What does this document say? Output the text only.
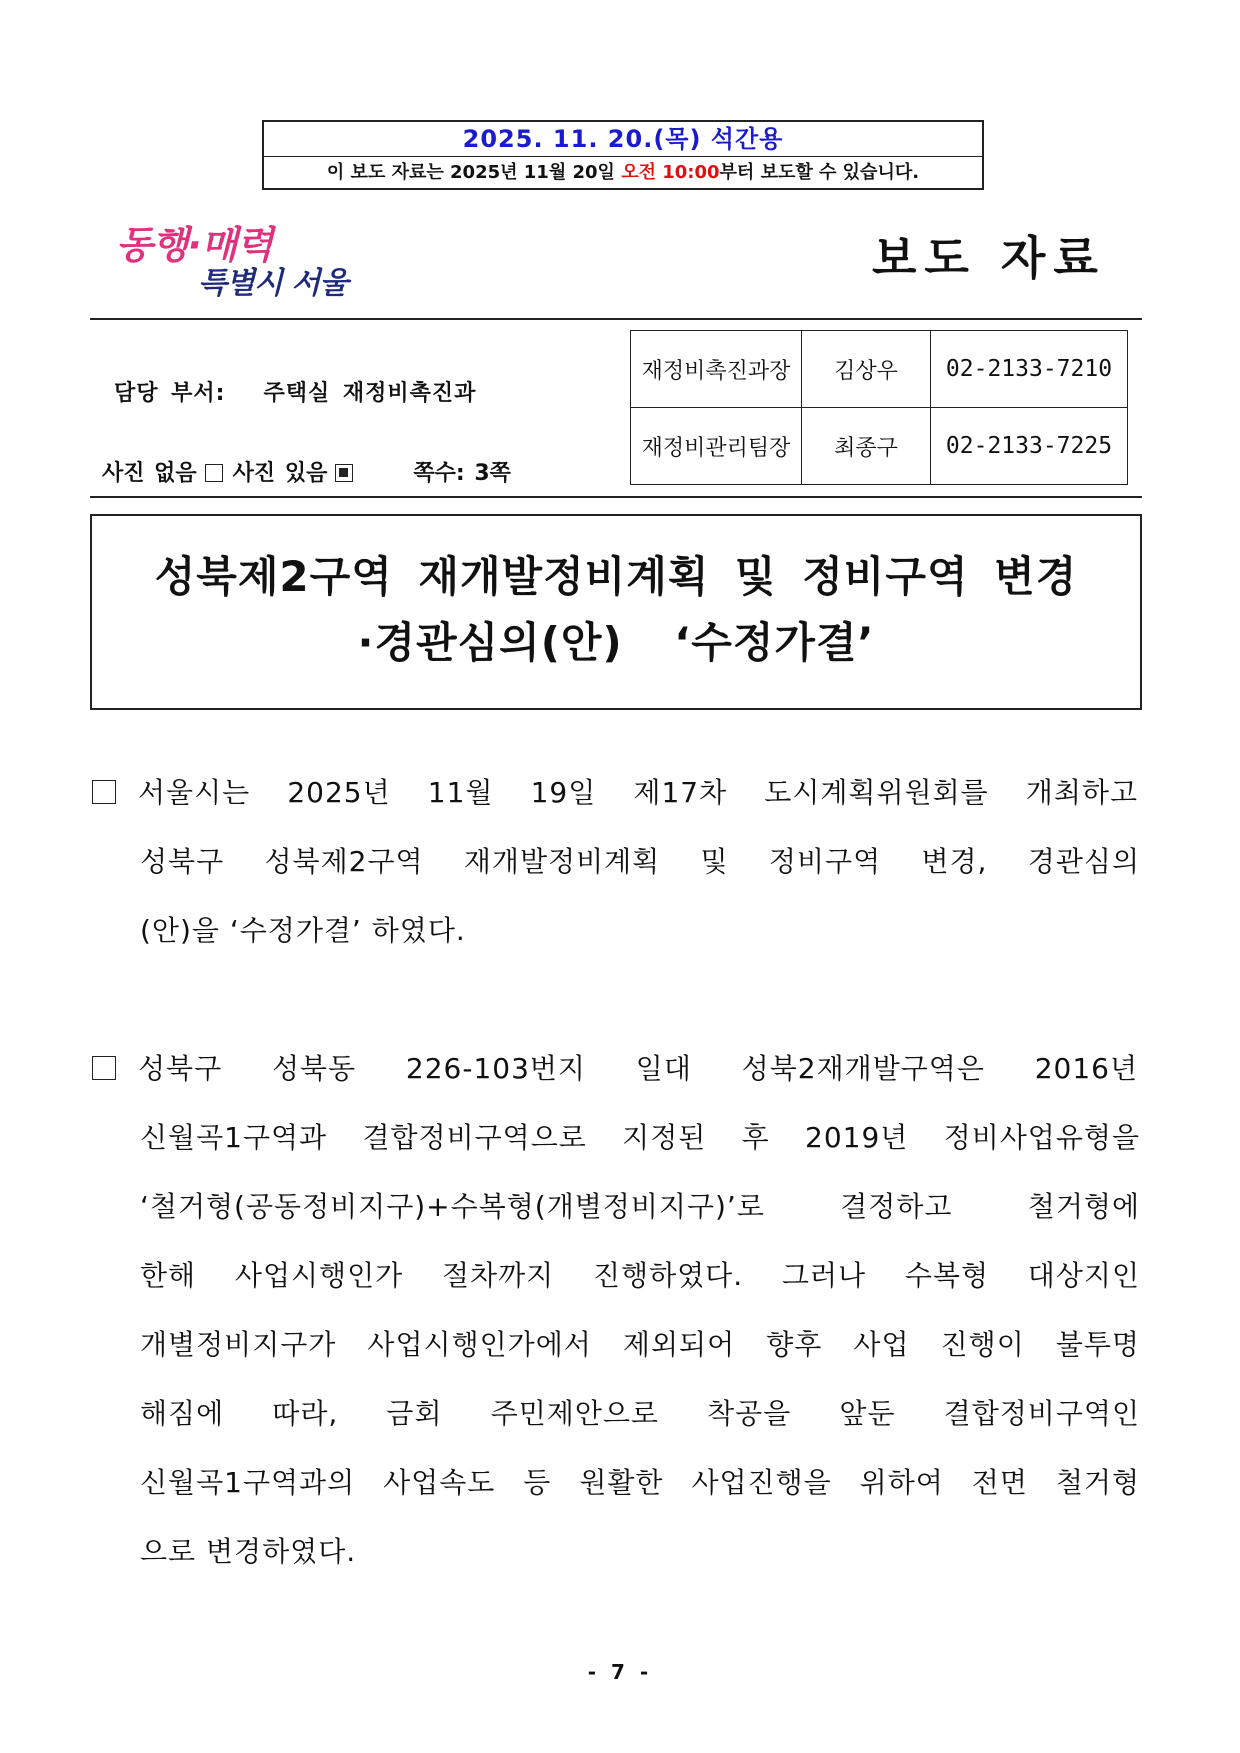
2025. 11. 20.(목) 석간용
이 보도 자료는 2025년 11월 20일 오전 10:00부터 보도할 수 있습니다.
동행·매력
특별시 서울	보도 자료
담당 부서: 주택실 재정비촉진과
사진 없음 사진 있음	쪽수: 3쪽
재정비촉진과장	김상우	02-2133-7210
재정비관리팀장	최종구	02-2133-7225
성북제2구역 재개발정비계획 및 정비구역 변경
·경관심의(안) ‘수정가결’
서울시는 2025년 11월 19일 제17차 도시계획위원회를 개최하고
성북구 성북제2구역 재개발정비계획 및 정비구역 변경, 경관심의
(안)을 ‘수정가결’ 하였다.
성북구 성북동 226-103번지 일대 성북2재개발구역은 2016년
신월곡1구역과 결합정비구역으로 지정된 후 2019년 정비사업유형을
‘철거형(공동정비지구)+수복형(개별정비지구)’로 결정하고 철거형에
한해 사업시행인가 절차까지 진행하였다. 그러나 수복형 대상지인
개별정비지구가 사업시행인가에서 제외되어 향후 사업 진행이 불투명
해짐에 따라, 금회 주민제안으로 착공을 앞둔 결합정비구역인
신월곡1구역과의 사업속도 등 원활한 사업진행을 위하여 전면 철거형
으로 변경하였다.
- 7 -
